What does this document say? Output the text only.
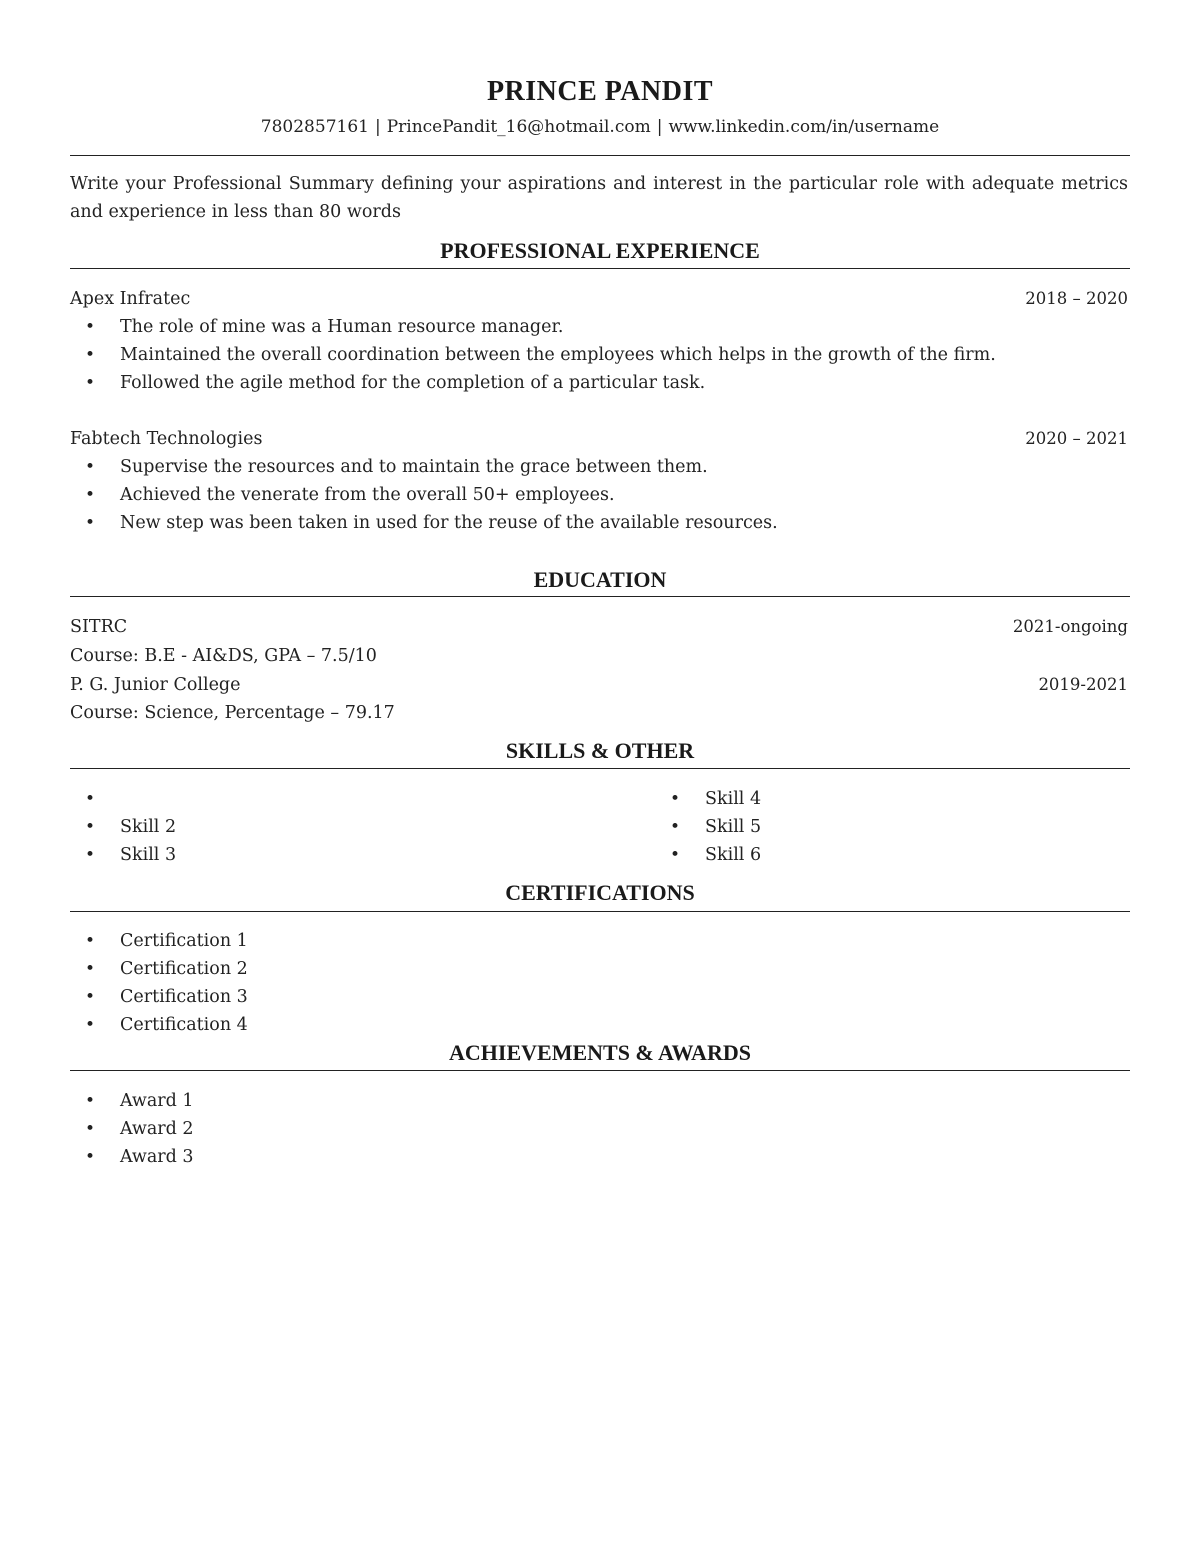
PRINCE PANDIT
7802857161 | PrincePandit_16@hotmail.com | www.linkedin.com/in/username
Write your Professional Summary defining your aspirations and interest in the particular role with adequate metrics and experience in less than 80 words
PROFESSIONAL EXPERIENCE
Apex Infratec	2018 – 2020
• The role of mine was a Human resource manager.
• Maintained the overall coordination between the employees which helps in the growth of the firm.
• Followed the agile method for the completion of a particular task.
Fabtech Technologies	2020 – 2021
• Supervise the resources and to maintain the grace between them.
• Achieved the venerate from the overall 50+ employees.
• New step was been taken in used for the reuse of the available resources.
EDUCATION
SITRC	2021-ongoing
Course: B.E - AI&DS, GPA – 7.5/10
P. G. Junior College	2019-2021
Course: Science, Percentage – 79.17
SKILLS & OTHER
•
• Skill 2
• Skill 3
• Skill 4
• Skill 5
• Skill 6
CERTIFICATIONS
• Certification 1
• Certification 2
• Certification 3
• Certification 4
ACHIEVEMENTS & AWARDS
• Award 1
• Award 2
• Award 3
